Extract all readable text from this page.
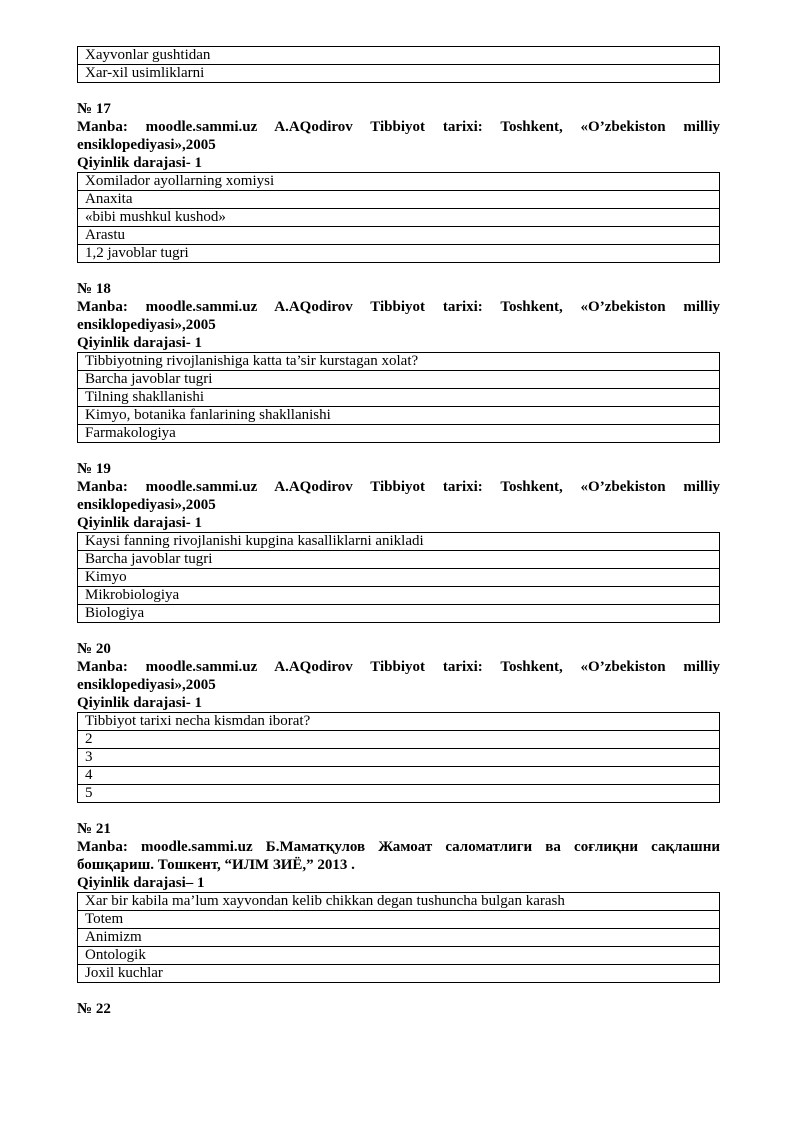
Xayvonlar gushtidan
Xar-xil usimliklarni
№ 17
Manba: moodle.sammi.uz A.AQodirov Tibbiyot tarixi: Toshkent, «O’zbekiston milliy ensiklopediyasi»,2005
Qiyinlik darajasi- 1
Xomilador ayollarning xomiysi
Anaxita
«bibi mushkul kushod»
Arastu
1,2 javoblar tugri
№ 18
Manba: moodle.sammi.uz A.AQodirov Tibbiyot tarixi: Toshkent, «O’zbekiston milliy ensiklopediyasi»,2005
Qiyinlik darajasi- 1
Tibbiyotning rivojlanishiga katta ta’sir kurstagan xolat?
Barcha javoblar tugri
Tilning shakllanishi
Kimyo, botanika fanlarining shakllanishi
Farmakologiya
№ 19
Manba: moodle.sammi.uz A.AQodirov Tibbiyot tarixi: Toshkent, «O’zbekiston milliy ensiklopediyasi»,2005
Qiyinlik darajasi- 1
Kaysi fanning rivojlanishi kupgina kasalliklarni anikladi
Barcha javoblar tugri
Kimyo
Mikrobiologiya
Biologiya
№ 20
Manba: moodle.sammi.uz A.AQodirov Tibbiyot tarixi: Toshkent, «O’zbekiston milliy ensiklopediyasi»,2005
Qiyinlik darajasi- 1
Tibbiyot tarixi necha kismdan iborat?
2
3
4
5
№ 21
Manba: moodle.sammi.uz Б.Маматқулов Жамоат саломатлиги ва соғлиқни сақлашни бошқариш. Тошкент, “ИЛМ ЗИЁ,” 2013 .
Qiyinlik darajasi– 1
Xar bir kabila ma’lum xayvondan kelib chikkan degan tushuncha bulgan karash
Totem
Animizm
Ontologik
Joxil kuchlar
№ 22
